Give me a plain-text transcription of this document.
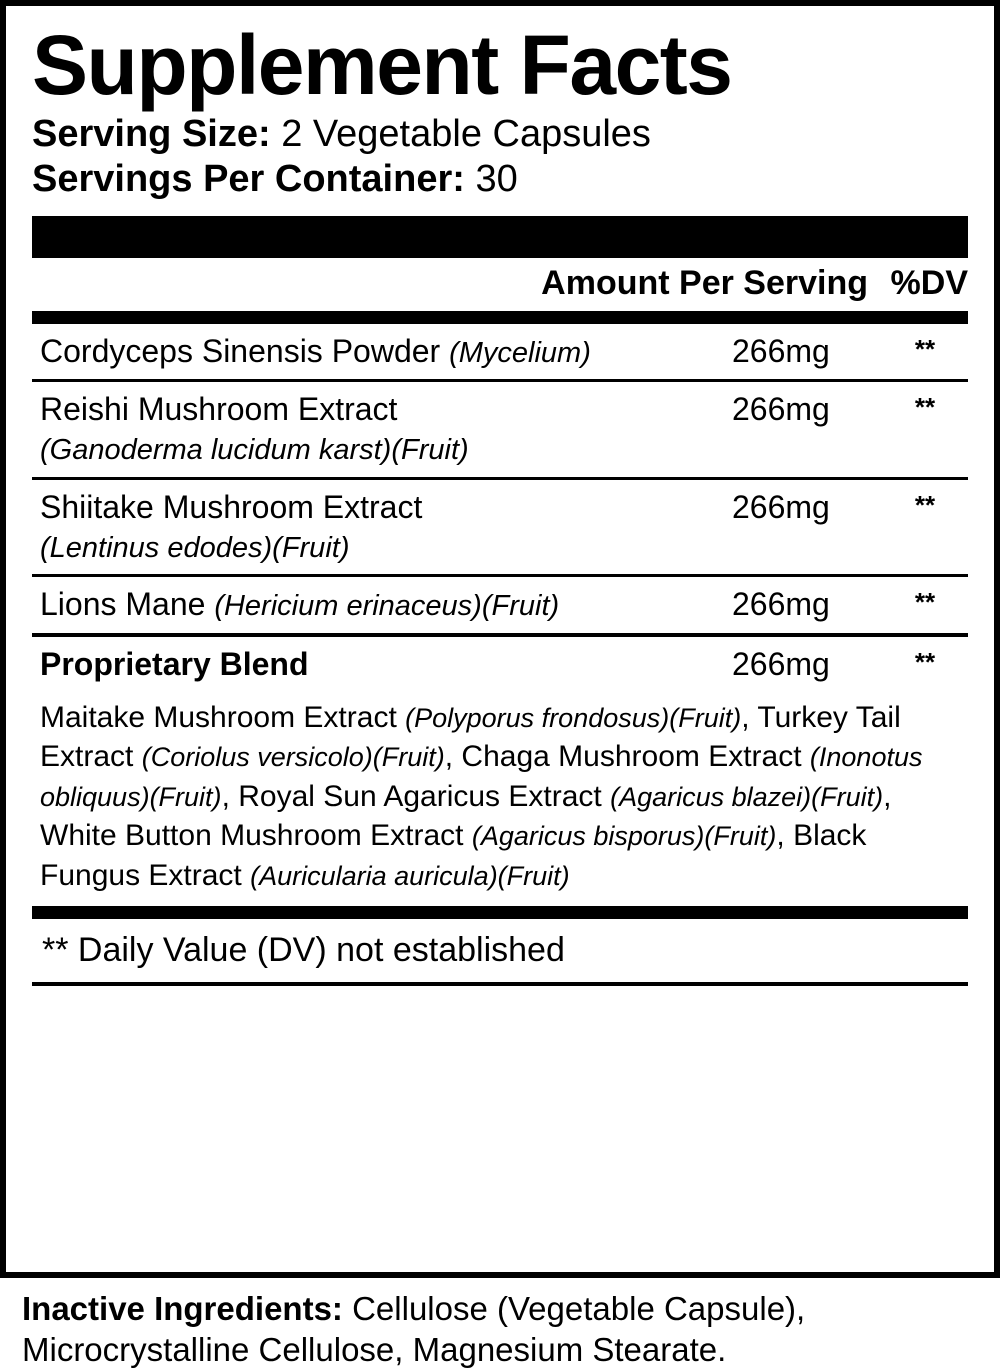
Supplement Facts
Serving Size: 2 Vegetable Capsules
Servings Per Container: 30
Amount Per Serving %DV
Cordyceps Sinensis Powder (Mycelium)	266mg	**
Reishi Mushroom Extract
(Ganoderma lucidum karst)(Fruit)
266mg	**
Shiitake Mushroom Extract
(Lentinus edodes)(Fruit)
266mg	**
Lions Mane (Hericium erinaceus)(Fruit)	266mg	**
Proprietary Blend	266mg	**
Maitake Mushroom Extract (Polyporus frondosus)(Fruit), Turkey Tail Extract (Coriolus versicolo)(Fruit), Chaga Mushroom Extract (Inonotus obliquus)(Fruit), Royal Sun Agaricus Extract (Agaricus blazei)(Fruit), White Button Mushroom Extract (Agaricus bisporus)(Fruit), Black Fungus Extract (Auricularia auricula)(Fruit)
** Daily Value (DV) not established
Inactive Ingredients: Cellulose (Vegetable Capsule), Microcrystalline Cellulose, Magnesium Stearate.
